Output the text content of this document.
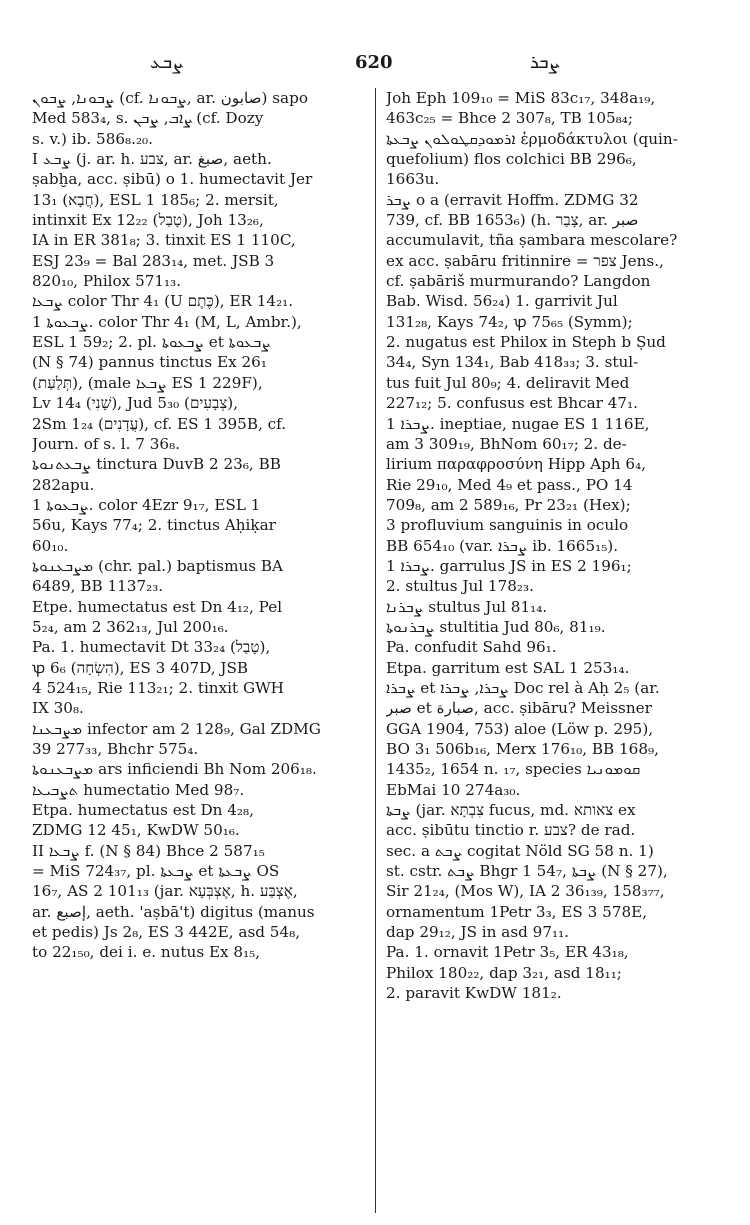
ܨܒܥ	620	ܨܒܪ
ܨܒܘܢܐ, ܨܒܘܢ (cf. ܨܒܘܢܐ, ar. صابون) sapo
Med 583₄, s. ܨܐܒ, ܨܒܢ (cf. Dozy
s. v.) ib. 586₈.₂₀.
I ܨܒܥ (j. ar. h. צבע, ar. صبغ, aeth.
ṣabḫa, acc. ṣibū) o 1. humectavit Jer
13₁ (חֲבָא), ESL 1 185₆; 2. mersit,
intinxit Ex 12₂₂ (טָבַל), Joh 13₂₆,
IA in ER 381₈; 3. tinxit ES 1 110C,
ESJ 23₉ = Bal 283₁₄, met. JSB 3
820₁₀, Philox 571₁₃.
ܨܒܥܐ color Thr 4₁ (U כֶּתֶם), ER 14₂₁.
ܨܒܥܘܬܐ 1. color Thr 4₁ (M, L, Ambr.),
ESL 1 59₂; 2. pl. ܨܒܥܘܬܐ et ܨܒܥܘܬܐ
(N § 74) pannus tinctus Ex 26₁
(תְּלַעַת), (male ܨܒܥܐ ES 1 229F),
Lv 14₄ (שָׁנִי), Jud 5₃₀ (צְבָעִים),
2Sm 1₂₄ (עֲדָנִים), cf. ES 1 395B, cf.
Journ. of s. l. 7 36₈.
ܨܒܥܬܢܘܬܐ tinctura DuvB 2 23₆, BB
282apu.
ܨܒܥܘܬܐ 1. color 4Ezr 9₁₇, ESL 1
56u, Kays 77₄; 2. tinctus Aḥiḳar
60₁₀.
ܡܨܒܥܢܘܬܐ (chr. pal.) baptismus BA
6489, BB 1137₂₃.
Etpe. humectatus est Dn 4₁₂, Pel
5₂₄, am 2 362₁₃, Jul 200₁₆.
Pa. 1. humectavit Dt 33₂₄ (טָבַל),
ꝕ 6₆ (הִשְׂחָה), ES 3 407D, JSB
4 524₁₅, Rie 113₂₁; 2. tinxit GWH
IX 30₈.
ܡܨܒܥܢܐ infector am 2 128₉, Gal ZDMG
39 277₃₃, Bhchr 575₄.
ܡܨܒܥܢܘܬܐ ars inficiendi Bh Nom 206₁₈.
ܬܨܒܝܥܐ humectatio Med 98₇.
Etpa. humectatus est Dn 4₂₈,
ZDMG 12 45₁, KwDW 50₁₆.
II ܨܒܥܐ f. (N § 84) Bhce 2 587₁₅
= MiS 724₃₇, pl. ܨܒܥܬܐ et ܨܒܥܬܐ OS
16₇, AS 2 101₁₃ (jar. אֶצְבְּעָא, h. אֶצְבַּע,
ar. إصبع, aeth. 'aṣbā't) digitus (manus
et pedis) Js 2₈, ES 3 442E, asd 54₈,
to 22₁₅₀, dei i. e. nutus Ex 8₁₅,
Joh Eph 109₁₀ = MiS 83c₁₇, 348a₁₉,
463c₂₅ = Bhce 2 307₈, TB 105₈₄;
ܐܪܡܘܕܩܛܘܠܘܢ ܨܒܥܬܐ ἑρμοδάκτυλοι (quin-
quefolium) flos colchici BB 296₆,
1663u.
ܨܒܪ o a (erravit Hoffm. ZDMG 32
739, cf. BB 1653₆) (h. צָבַר, ar. صبر
accumulavit, tña ṣambara mescolare?
ex acc. ṣabāru fritinnire = צפר Jens.,
cf. ṣabāriš murmurando? Langdon
Bab. Wisd. 56₂₄) 1. garrivit Jul
131₂₈, Kays 74₂, ꝕ 75₆₅ (Symm);
2. nugatus est Philox in Steph b Ṣud
34₄, Syn 134₁, Bab 418₃₃; 3. stul-
tus fuit Jul 80₉; 4. deliravit Med
227₁₂; 5. confusus est Bhcar 47₁.
ܨܒܪܐ 1. ineptiae, nugae ES 1 116E,
am 3 309₁₉, BhNom 60₁₇; 2. de-
lirium παραφροσύνη Hipp Aph 6₄,
Rie 29₁₀, Med 4₉ et pass., PO 14
709₈, am 2 589₁₆, Pr 23₂₁ (Hex);
3 profluvium sanguinis in oculo
BB 654₁₀ (var. ܨܒܪܐ ib. 1665₁₅).
ܨܒܪܐ 1. garrulus JS in ES 2 196₁;
2. stultus Jul 178₂₃.
ܨܒܪܢܐ stultus Jul 81₁₄.
ܨܒܪܢܘܬܐ stultitia Jud 80₆, 81₁₉.
Pa. confudit Sahd 96₁.
Etpa. garritum est SAL 1 253₁₄.
ܨܒܪܐ et ܨܒܪܐ, ܨܒܪܐ Doc rel à Aḥ 2₅ (ar.
صبر et صبارة, acc. ṣibāru? Meissner
GGA 1904, 753) aloe (Löw p. 295),
BO 3₁ 506b₁₆, Merx 176₁₀, BB 168₉,
1435₂, 1654 n. ₁₇, species ܩܘܡܘܢܝܐ
EbMai 10 274a₃₀.
ܨܒܬܐ (jar. צִבְתָּא fucus, md. צאותא ex
acc. ṣibūtu tinctio r. צבע? de rad.
sec. a ܨܒܬ cogitat Nöld SG 58 n. 1)
st. cstr. ܨܒܬ Bhgr 1 54₇, ܨܒܬܐ (N § 27),
Sir 21₂₄, (Mos W), IA 2 36₁₃₉, 158₃₇₇,
ornamentum 1Petr 3₃, ES 3 578E,
dap 29₁₂, JS in asd 97₁₁.
Pa. 1. ornavit 1Petr 3₅, ER 43₁₈,
Philox 180₂₂, dap 3₂₁, asd 18₁₁;
2. paravit KwDW 181₂.
